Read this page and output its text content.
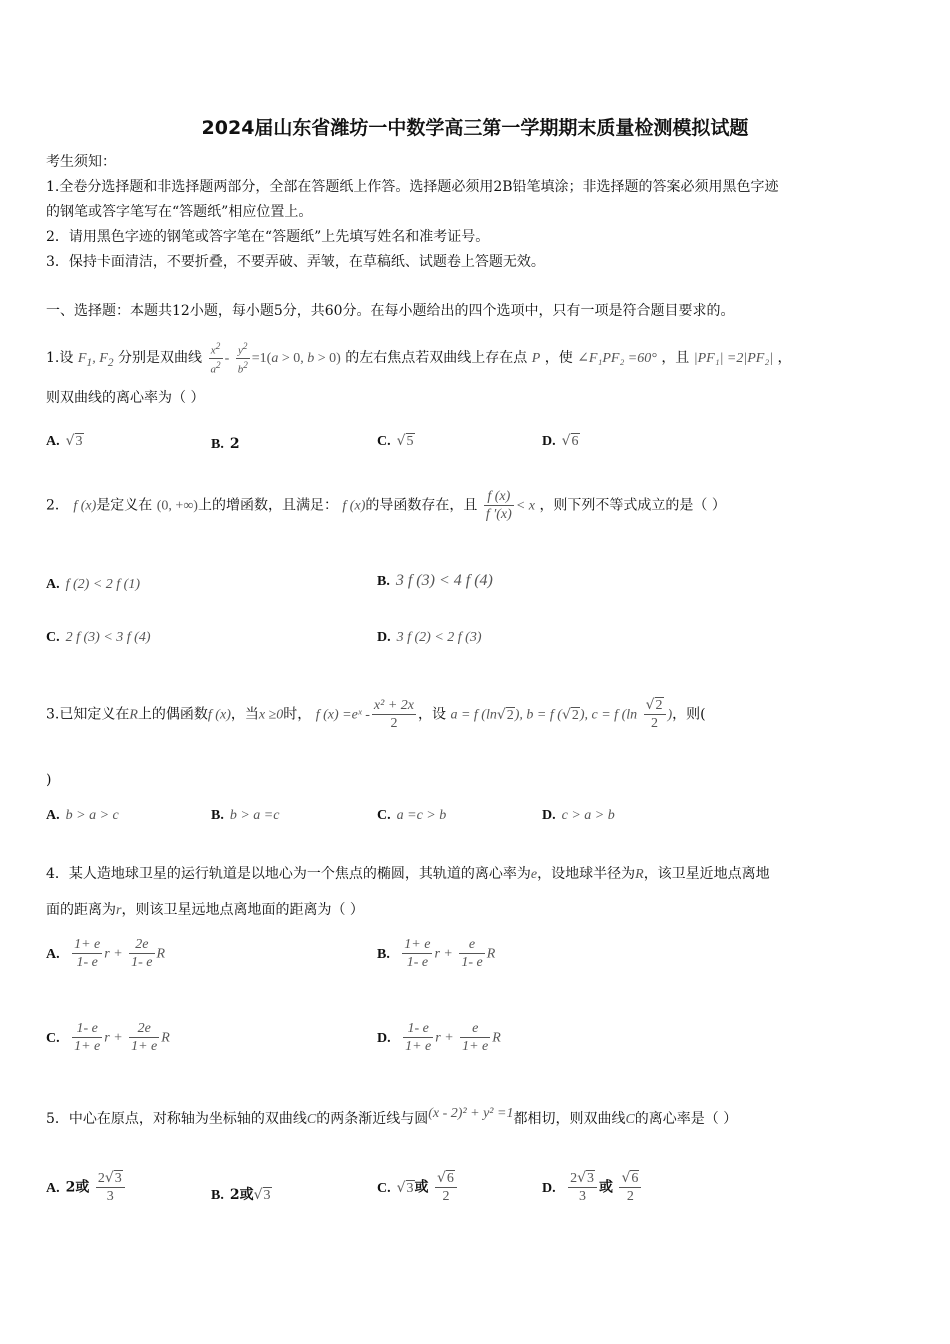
2024届山东省潍坊一中数学高三第一学期期末质量检测模拟试题
考生须知：
1.全卷分选择题和非选择题两部分，全部在答题纸上作答。选择题必须用2B铅笔填涂；非选择题的答案必须用黑色字迹
的钢笔或答字笔写在“答题纸”相应位置上。
2．请用黑色字迹的钢笔或答字笔在“答题纸”上先填写姓名和准考证号。
3．保持卡面清洁，不要折叠，不要弄破、弄皱，在草稿纸、试题卷上答题无效。
一、选择题：本题共12小题，每小题5分，共60分。在每小题给出的四个选项中，只有一项是符合题目要求的。
1.设 $F_1$, $F_2$ 分别是双曲线 $\frac{x^2}{a^2} - \frac{y^2}{b^2} =1(a > 0$, b > 0) 的左右焦点若双曲线上存在点 P ，使 ∠F₁PF₂ =60° ，且 |PF₁| =2|PF₂| ，
则双曲线的离心率为（ ）
A. √3	B. 2	C. √5	D. √6
2． f (x)是定义在 (0, +∞)上的增函数，且满足： f (x)的导函数存在，且 $\frac{f (x)}{f '(x)} < x$ ，则下列不等式成立的是（ ）
A. f (2) < 2 f (1)	B. 3 f (3) < 4 f (4)
C. 2 f (3) < 3 f (4)	D. 3 f (2) < 2 f (3)
3.已知定义在R上的偶函数f (x)，当x ≥0时， f (x) =eˣ - $\frac{\text{x² + 2x}}{2}$ ，设 a = f (ln√2), b = f (√2), c = f ($\ln \frac{√2}{2}$ )，则(
)
A. b > a > c	B. b > a =c	C. a =c > b	D. c > a > b
4．某人造地球卫星的运行轨道是以地心为一个焦点的椭圆，其轨道的离心率为e，设地球半径为R，该卫星近地点离地
面的距离为r，则该卫星远地点离地面的距离为（ ）
A. $\frac{1+ e}{1- e}$ $r + \frac{2e}{1- e}$ R	B. $\frac{1+ e}{1- e}$ $r + \frac{e}{1- e}$ R
C. $\frac{1- e}{1+ e}$ $r + \frac{2e}{1+ e}$ R	D. $\frac{1- e}{1+ e}$ $r + \frac{e}{1+ e}$ R
5．中心在原点，对称轴为坐标轴的双曲线C的两条渐近线与圆(x - 2)² + y² =1都相切，则双曲线C的离心率是（ ）
A. 2或 $\frac{2√3}{3}$	B. 2或√3	C. √3或 $\frac{√6}{2}$	D. $\frac{2√3}{3}$ 或 $\frac{√6}{2}$
